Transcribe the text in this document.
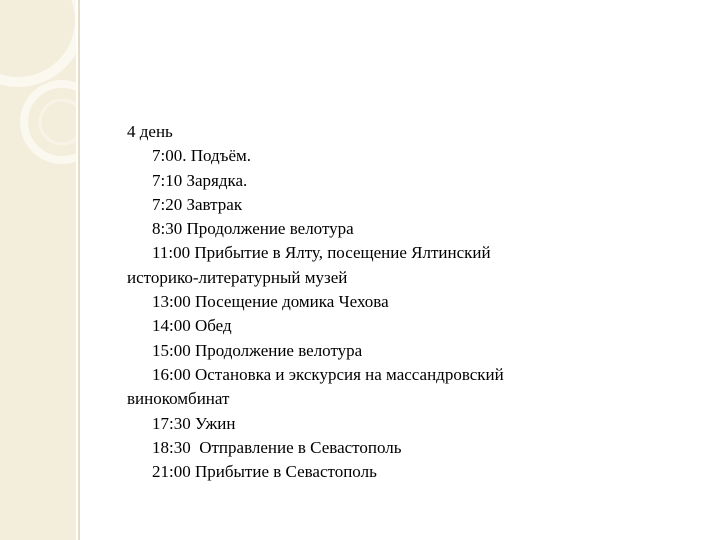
4 день
7:00. Подъём.
7:10 Зарядка.
7:20 Завтрак
8:30 Продолжение велотура
11:00 Прибытие в Ялту, посещение Ялтинский
историко-литературный музей
13:00 Посещение домика Чехова
14:00 Обед
15:00 Продолжение велотура
16:00 Остановка и экскурсия на массандровский
винокомбинат
17:30 Ужин
18:30  Отправление в Севастополь
21:00 Прибытие в Севастополь
